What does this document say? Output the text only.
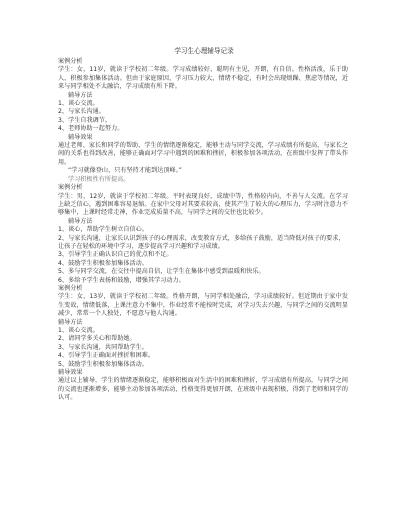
学习生心理辅导记录

案例分析

学生：女，11岁，就读于学校初二年级。学习成绩较好，聪明有主见，开朗，有自信。性格活泼，乐于助人，积极参加集体活动。但由于家庭原因，学习压力较大，情绪不稳定，有时会出现烦躁、焦虑等情况，近来与同学相处不太融洽，学习成绩有所下降。

辅导方法

1、谈心交流。

2、与家长沟通。

3、学生自我调节。

4、老师协助一起努力。

辅导效果

通过老师、家长和同学的帮助，学生的情绪逐渐稳定，能够主动与同学交流，学习成绩有所提高，与家长之间的关系也得到改善，能够正确面对学习中遇到的困难和挫折，积极参加各项活动，在班级中发挥了带头作用。

“学习就像登山，只有坚持才能到达顶峰。”

学习积极性有所提高。

案例分析

学生：男，12岁，就读于学校初二年级。平时表现良好，成绩中等，性格较内向，不善与人交流。在学习上缺乏信心，遇到困难容易退缩。在家中父母对其要求较高，使其产生了较大的心理压力，学习时注意力不够集中，上课时经常走神，作业完成质量不高，与同学之间的交往也比较少。

辅导方法

1、谈心，帮助学生树立自信心。

2、与家长沟通，让家长认识到孩子的心理需求，改变教育方式，多给孩子鼓励，适当降低对孩子的要求，让孩子在轻松的环境中学习，逐步提高学习兴趣和学习成绩。

3、引导学生正确认识自己的优点和不足。

4、鼓励学生积极参加集体活动。

5、多与同学交流，在交往中提高自信，让学生在集体中感受到温暖和快乐。

6、多给予学生表扬和鼓励，增强其学习动力。

案例分析

学生：女，13岁，就读于学校初二年级。性格开朗，与同学相处融洽，学习成绩较好。但近期由于家中发生变故，情绪低落，上课注意力不集中，作业经常不能按时完成，对学习失去兴趣，与同学之间的交流明显减少，常常一个人独处，不愿意与他人沟通。

辅导方法

1、谈心交流。

2、请同学多关心和帮助她。

3、与家长沟通，共同帮助学生。

4、引导学生正确面对挫折和困难。

5、鼓励学生积极参加集体活动。

辅导效果

通过以上辅导，学生的情绪逐渐稳定，能够积极面对生活中的困难和挫折，学习成绩有所提高，与同学之间的交流也逐渐增多，能够主动参加各项活动，性格变得更加开朗，在班级中表现积极，得到了老师和同学的认可。
